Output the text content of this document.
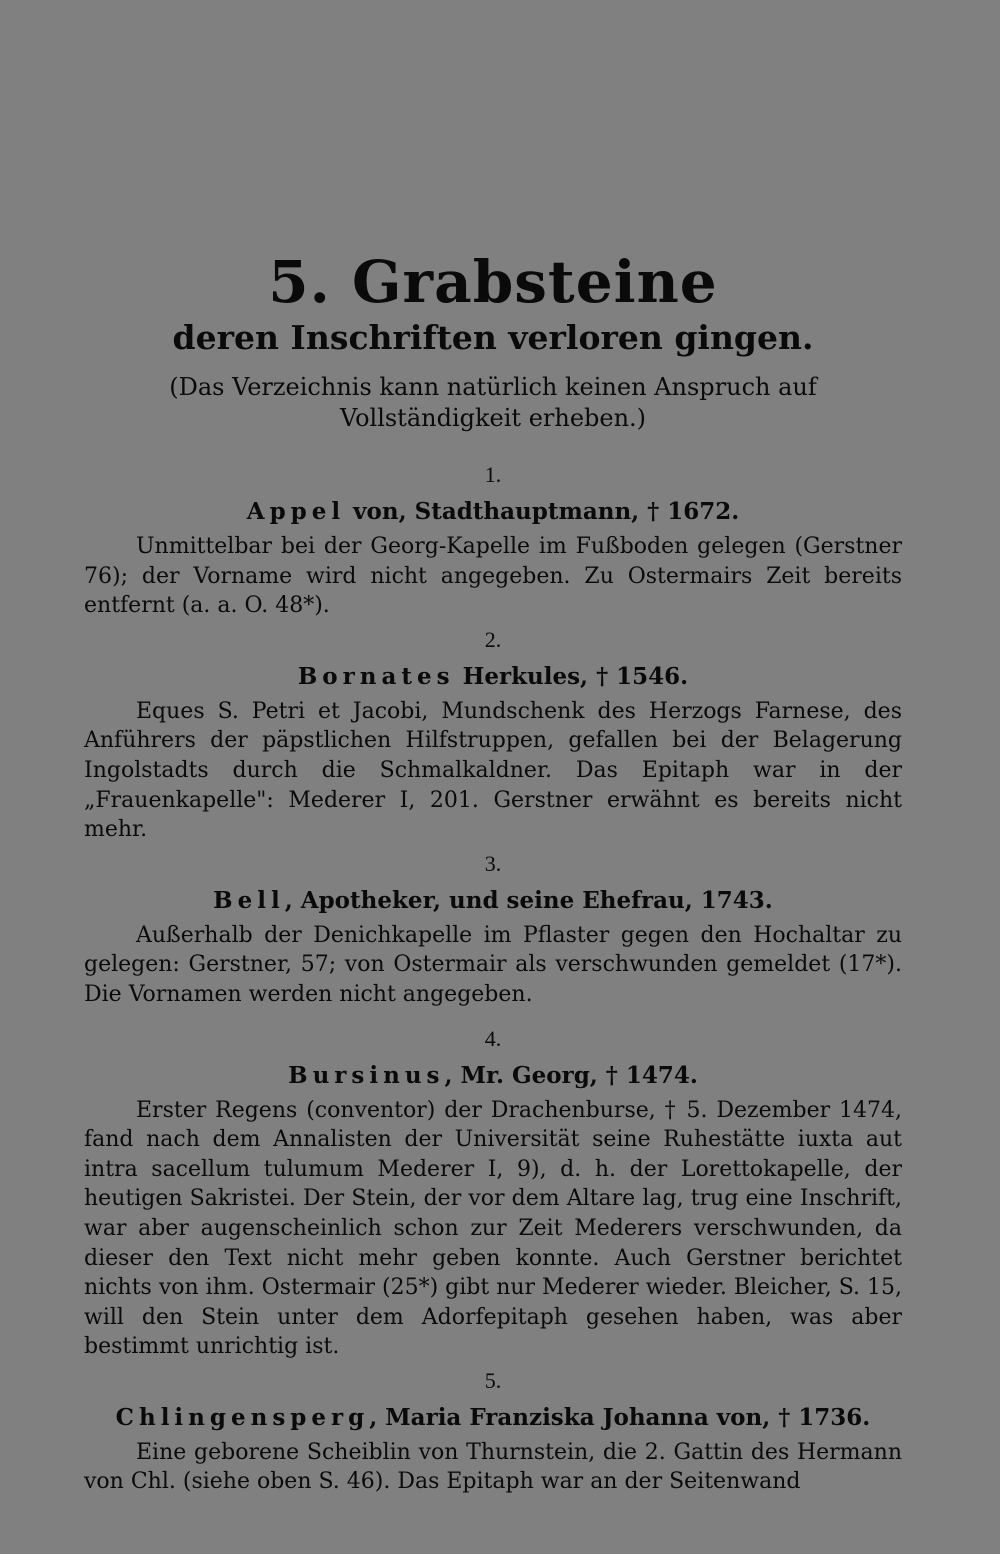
5. Grabsteine
deren Inschriften verloren gingen.

(Das Verzeichnis kann natürlich keinen Anspruch auf Vollständigkeit erheben.)

1.

Appel von, Stadthauptmann, † 1672.

Unmittelbar bei der Georg-Kapelle im Fußboden gelegen (Gerstner 76); der Vorname wird nicht angegeben. Zu Ostermairs Zeit bereits entfernt (a. a. O. 48*).

2.

Bornates Herkules, † 1546.

Eques S. Petri et Jacobi, Mundschenk des Herzogs Farnese, des Anführers der päpstlichen Hilfstruppen, gefallen bei der Belagerung Ingolstadts durch die Schmalkaldner. Das Epitaph war in der „Frauenkapelle": Mederer I, 201. Gerstner erwähnt es bereits nicht mehr.

3.

Bell, Apotheker, und seine Ehefrau, 1743.

Außerhalb der Denichkapelle im Pflaster gegen den Hochaltar zu gelegen: Gerstner, 57; von Ostermair als verschwunden gemeldet (17*). Die Vornamen werden nicht angegeben.

4.

Bursinus, Mr. Georg, † 1474.

Erster Regens (conventor) der Drachenburse, † 5. Dezember 1474, fand nach dem Annalisten der Universität seine Ruhestätte iuxta aut intra sacellum tulumum Mederer I, 9), d. h. der Lorettokapelle, der heutigen Sakristei. Der Stein, der vor dem Altare lag, trug eine Inschrift, war aber augenscheinlich schon zur Zeit Mederers verschwunden, da dieser den Text nicht mehr geben konnte. Auch Gerstner berichtet nichts von ihm. Ostermair (25*) gibt nur Mederer wieder. Bleicher, S. 15, will den Stein unter dem Adorfepitaph gesehen haben, was aber bestimmt unrichtig ist.

5.

Chlingensperg, Maria Franziska Johanna von, † 1736.

Eine geborene Scheiblin von Thurnstein, die 2. Gattin des Hermann von Chl. (siehe oben S. 46). Das Epitaph war an der Seitenwand
